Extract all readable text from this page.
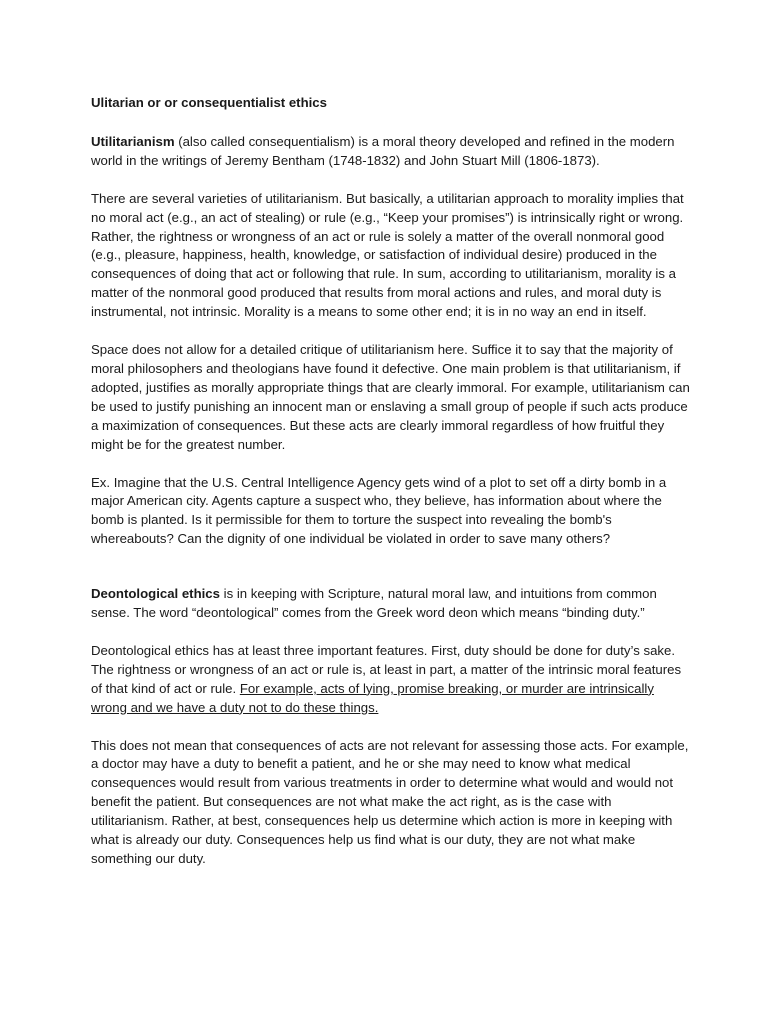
Ulitarian or or consequentialist ethics

Utilitarianism (also called consequentialism) is a moral theory developed and refined in the modern world in the writings of Jeremy Bentham (1748-1832) and John Stuart Mill (1806-1873).

There are several varieties of utilitarianism. But basically, a utilitarian approach to morality implies that no moral act (e.g., an act of stealing) or rule (e.g., “Keep your promises”) is intrinsically right or wrong. Rather, the rightness or wrongness of an act or rule is solely a matter of the overall nonmoral good (e.g., pleasure, happiness, health, knowledge, or satisfaction of individual desire) produced in the consequences of doing that act or following that rule. In sum, according to utilitarianism, morality is a matter of the nonmoral good produced that results from moral actions and rules, and moral duty is instrumental, not intrinsic. Morality is a means to some other end; it is in no way an end in itself.

Space does not allow for a detailed critique of utilitarianism here. Suffice it to say that the majority of moral philosophers and theologians have found it defective. One main problem is that utilitarianism, if adopted, justifies as morally appropriate things that are clearly immoral. For example, utilitarianism can be used to justify punishing an innocent man or enslaving a small group of people if such acts produce a maximization of consequences. But these acts are clearly immoral regardless of how fruitful they might be for the greatest number.

Ex. Imagine that the U.S. Central Intelligence Agency gets wind of a plot to set off a dirty bomb in a major American city. Agents capture a suspect who, they believe, has information about where the bomb is planted. Is it permissible for them to torture the suspect into revealing the bomb's whereabouts? Can the dignity of one individual be violated in order to save many others?

Deontological ethics is in keeping with Scripture, natural moral law, and intuitions from common sense. The word “deontological” comes from the Greek word deon which means “binding duty.”

Deontological ethics has at least three important features. First, duty should be done for duty’s sake. The rightness or wrongness of an act or rule is, at least in part, a matter of the intrinsic moral features of that kind of act or rule. For example, acts of lying, promise breaking, or murder are intrinsically wrong and we have a duty not to do these things.

This does not mean that consequences of acts are not relevant for assessing those acts. For example, a doctor may have a duty to benefit a patient, and he or she may need to know what medical consequences would result from various treatments in order to determine what would and would not benefit the patient. But consequences are not what make the act right, as is the case with utilitarianism. Rather, at best, consequences help us determine which action is more in keeping with what is already our duty. Consequences help us find what is our duty, they are not what make something our duty.
